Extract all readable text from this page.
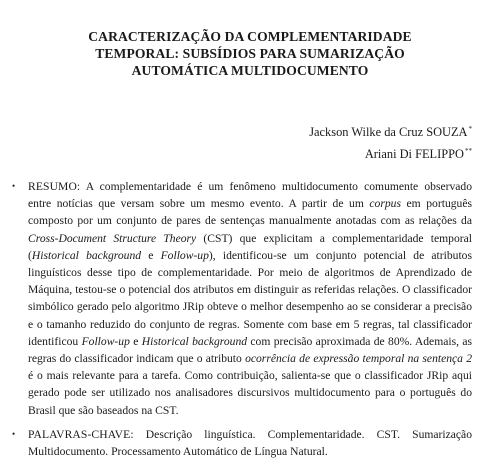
CARACTERIZAÇÃO DA COMPLEMENTARIDADE
TEMPORAL: SUBSÍDIOS PARA SUMARIZAÇÃO
AUTOMÁTICA MULTIDOCUMENTO
Jackson Wilke da Cruz SOUZA*
Ariani Di FELIPPO**
• RESUMO: A complementaridade é um fenômeno multidocumento comumente observado entre notícias que versam sobre um mesmo evento. A partir de um corpus em português composto por um conjunto de pares de sentenças manualmente anotadas com as relações da Cross-Document Structure Theory (CST) que explicitam a complementaridade temporal (Historical background e Follow-up), identificou-se um conjunto potencial de atributos linguísticos desse tipo de complementaridade. Por meio de algoritmos de Aprendizado de Máquina, testou-se o potencial dos atributos em distinguir as referidas relações. O classificador simbólico gerado pelo algoritmo JRip obteve o melhor desempenho ao se considerar a precisão e o tamanho reduzido do conjunto de regras. Somente com base em 5 regras, tal classificador identificou Follow-up e Historical background com precisão aproximada de 80%. Ademais, as regras do classificador indicam que o atributo ocorrência de expressão temporal na sentença 2 é o mais relevante para a tarefa. Como contribuição, salienta-se que o classificador JRip aqui gerado pode ser utilizado nos analisadores discursivos multidocumento para o português do Brasil que são baseados na CST.
• PALAVRAS-CHAVE: Descrição linguística. Complementaridade. CST. Sumarização Multidocumento. Processamento Automático de Língua Natural.
